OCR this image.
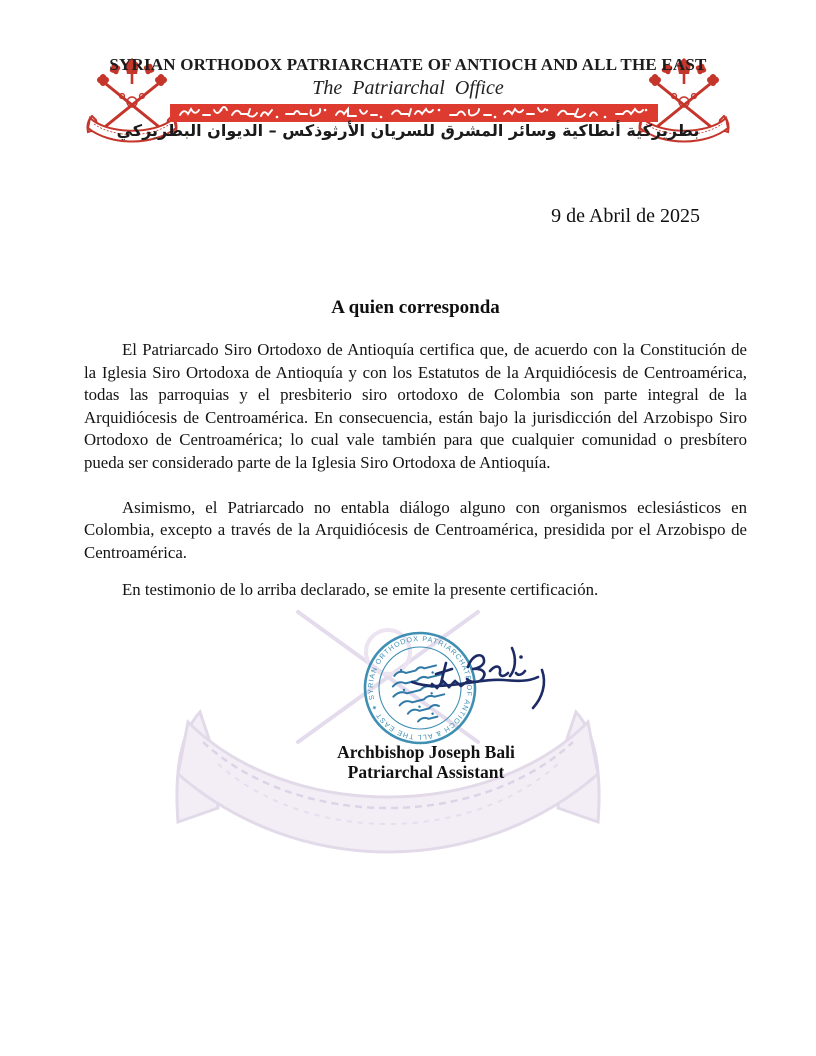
SYRIAN ORTHODOX PATRIARCHATE OF ANTIOCH AND ALL THE EAST
The Patriarchal Office
بطريركية أنطاكية وسائر المشرق للسريان الأرثوذكس – الديوان البطريركي
9 de Abril de 2025
A quien corresponda

El Patriarcado Siro Ortodoxo de Antioquía certifica que, de acuerdo con la Constitución de la Iglesia Siro Ortodoxa de Antioquía y con los Estatutos de la Arquidiócesis de Centroamérica, todas las parroquias y el presbiterio siro ortodoxo de Colombia son parte integral de la Arquidiócesis de Centroamérica. En consecuencia, están bajo la jurisdicción del Arzobispo Siro Ortodoxo de Centroamérica; lo cual vale también para que cualquier comunidad o presbítero pueda ser considerado parte de la Iglesia Siro Ortodoxa de Antioquía.

Asimismo, el Patriarcado no entabla diálogo alguno con organismos eclesiásticos en Colombia, excepto a través de la Arquidiócesis de Centroamérica, presidida por el Arzobispo de Centroamérica.

En testimonio de lo arriba declarado, se emite la presente certificación.

SYRIAN ORTHODOX PATRIARCHATE OF ANTIOCH & ALL THE EAST ✦
Archbishop Joseph Bali
Patriarchal Assistant
